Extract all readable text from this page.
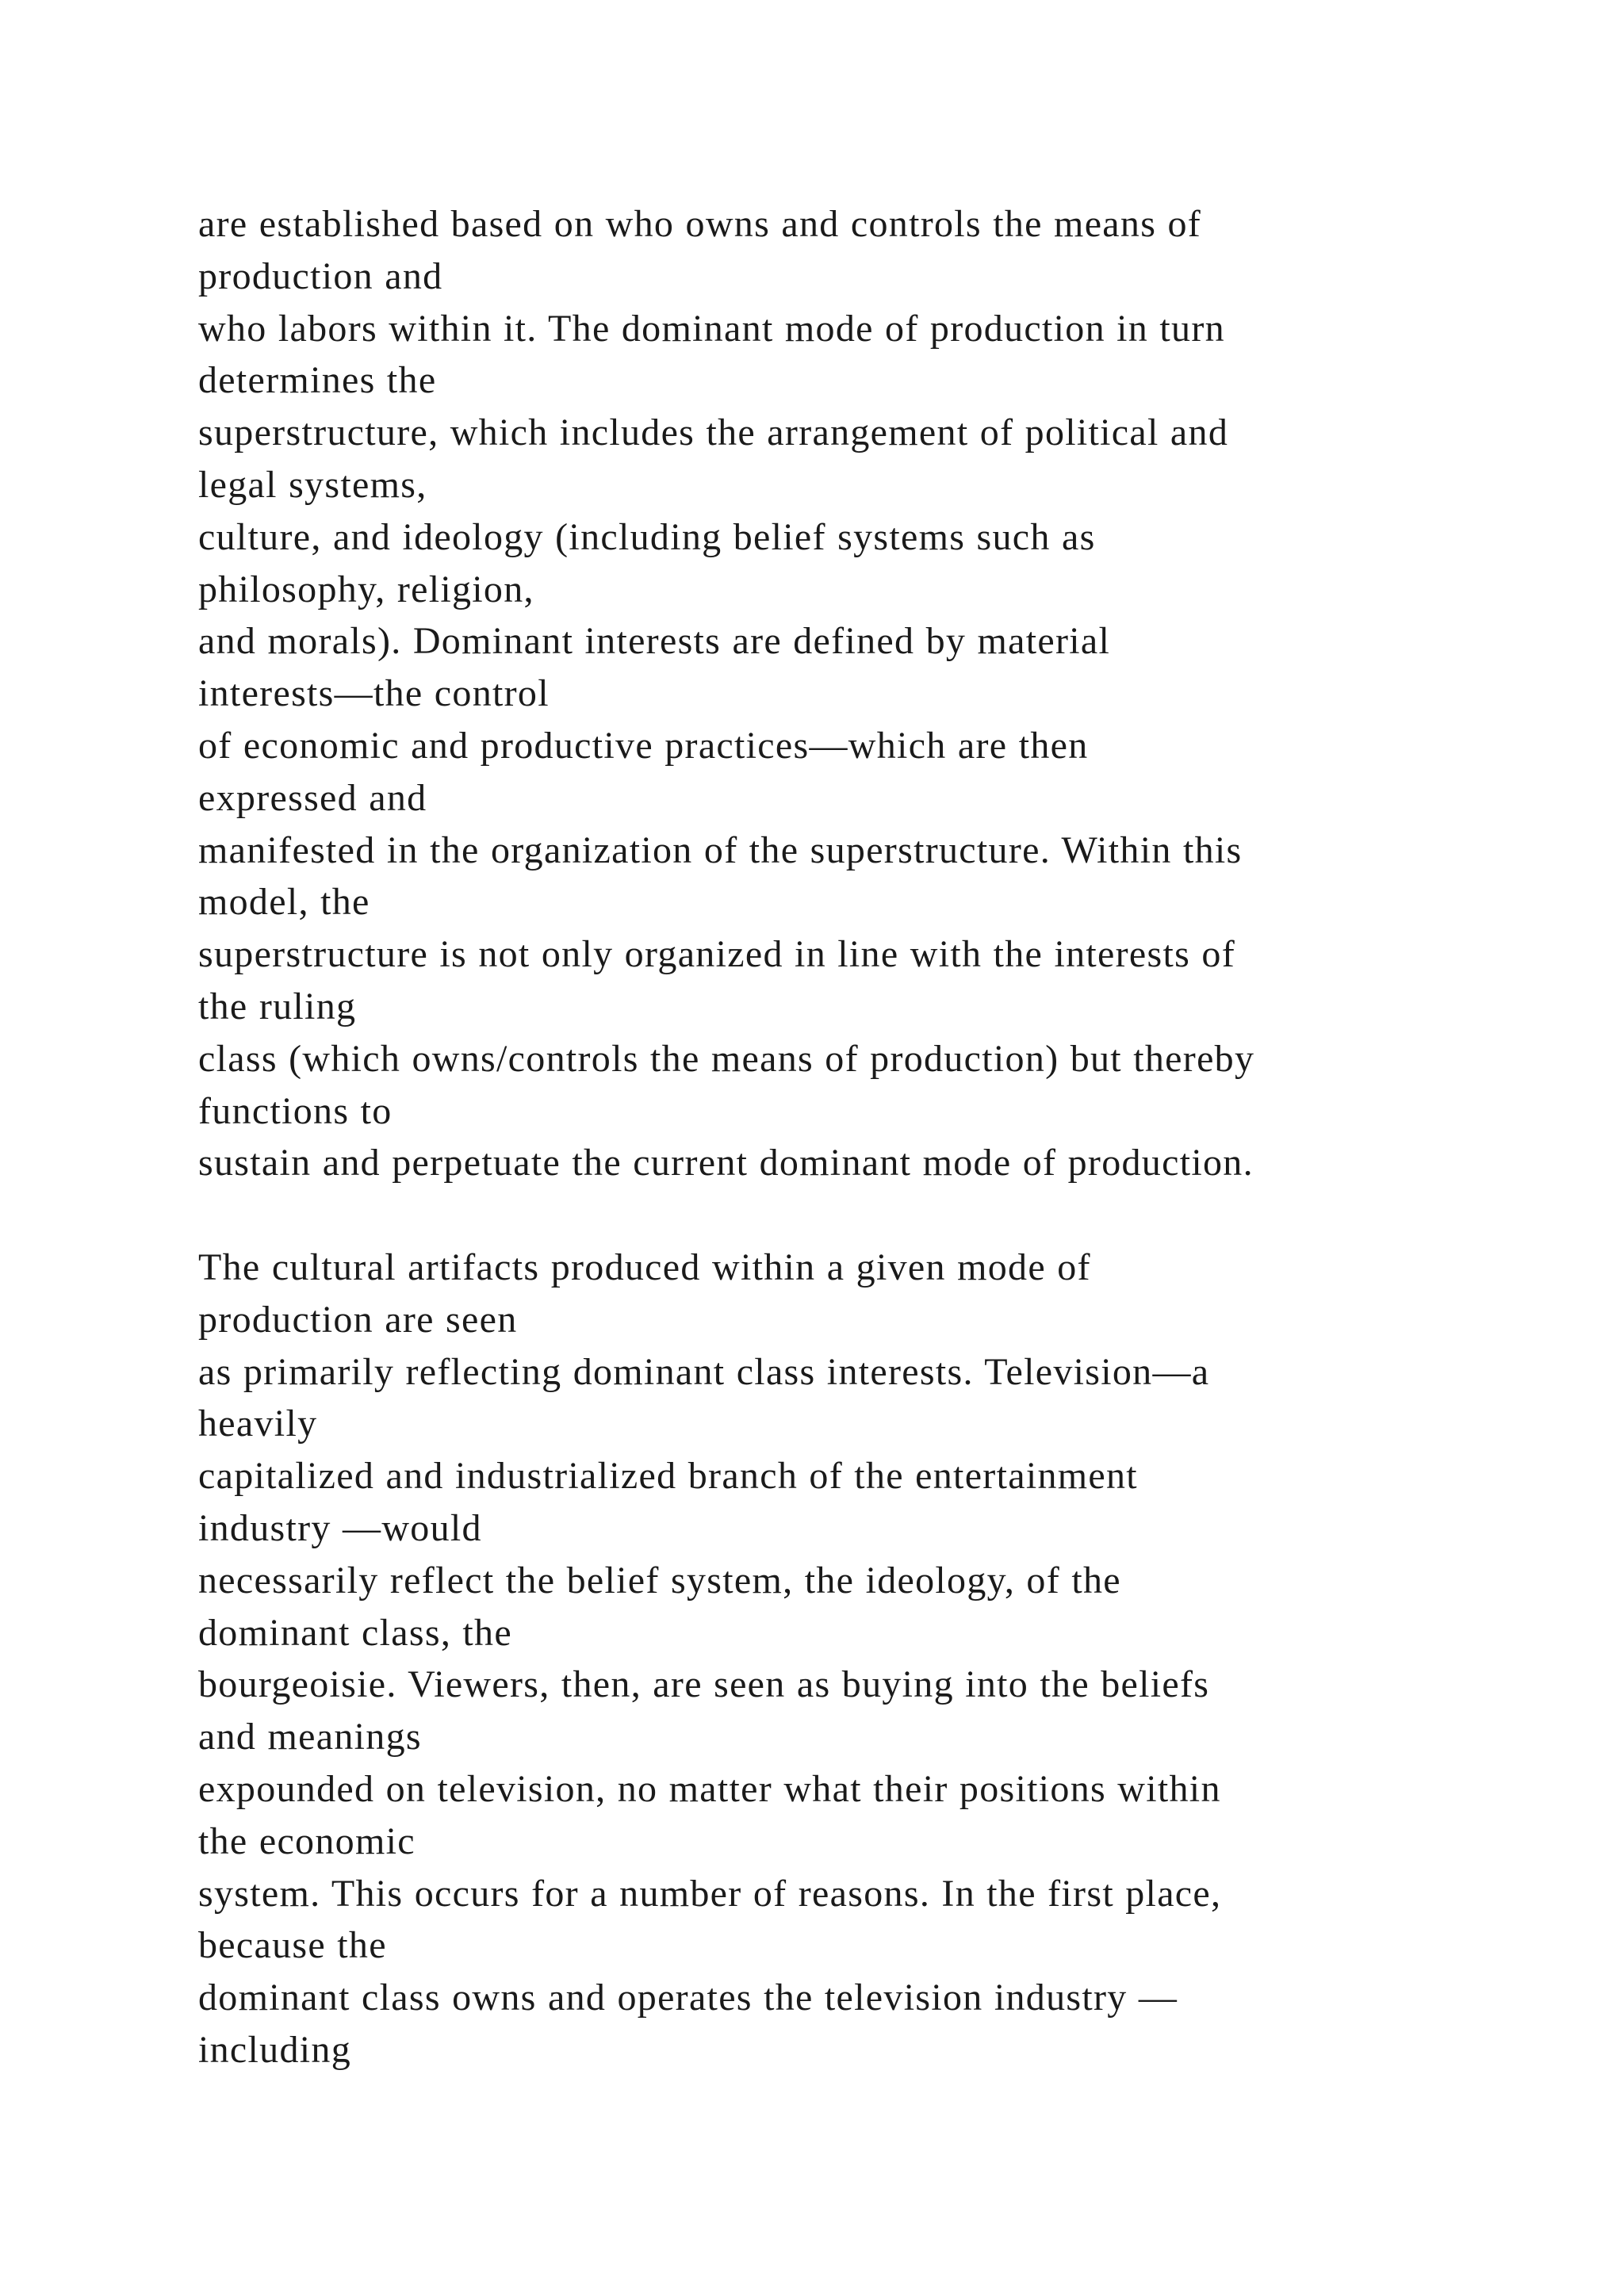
are established based on who owns and controls the means of
production and
who labors within it. The dominant mode of production in turn
determines the
superstructure, which includes the arrangement of political and
legal systems,
culture, and ideology (including belief systems such as
philosophy, religion,
and morals). Dominant interests are defined by material
interests—the control
of economic and productive practices—which are then
expressed and
manifested in the organization of the superstructure. Within this
model, the
superstructure is not only organized in line with the interests of
the ruling
class (which owns/controls the means of production) but thereby
functions to
sustain and perpetuate the current dominant mode of production.
The cultural artifacts produced within a given mode of
production are seen
as primarily reflecting dominant class interests. Television—a
heavily
capitalized and industrialized branch of the entertainment
industry —would
necessarily reflect the belief system, the ideology, of the
dominant class, the
bourgeoisie. Viewers, then, are seen as buying into the beliefs
and meanings
expounded on television, no matter what their positions within
the economic
system. This occurs for a number of reasons. In the first place,
because the
dominant class owns and operates the television industry —
including
